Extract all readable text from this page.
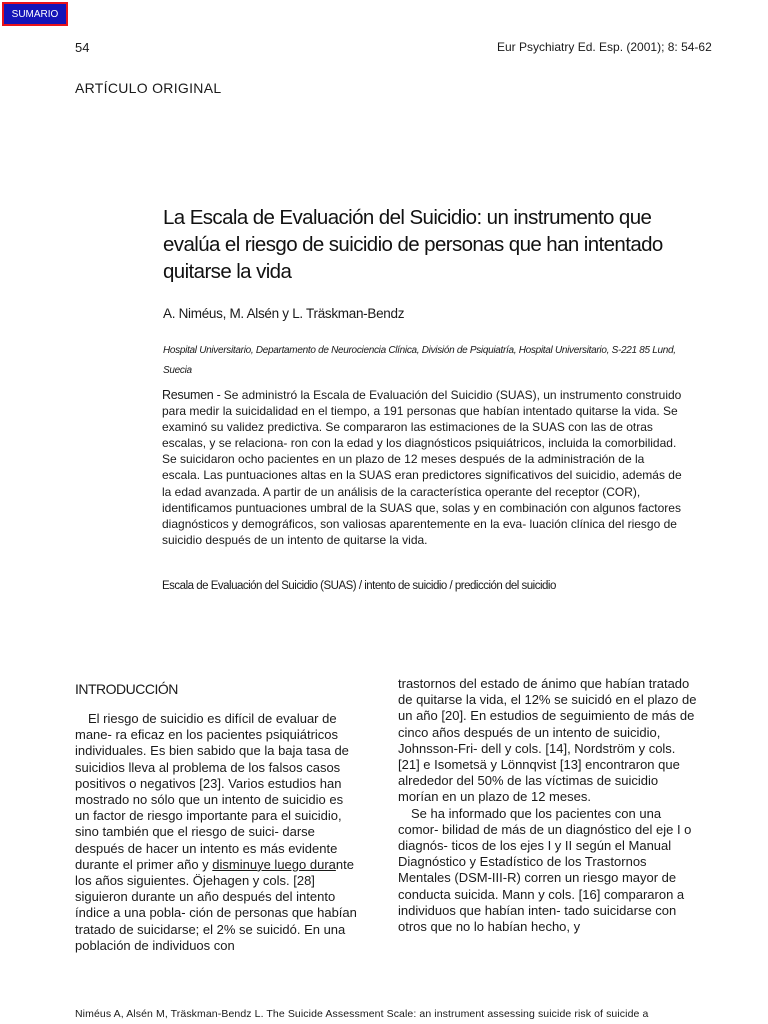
SUMARIO
54	Eur Psychiatry Ed. Esp. (2001); 8: 54-62
ARTÍCULO ORIGINAL
La Escala de Evaluación del Suicidio: un instrumento que evalúa el riesgo de suicidio de personas que han intentado quitarse la vida
A. Niméus, M. Alsén y L. Träskman-Bendz
Hospital Universitario, Departamento de Neurociencia Clínica, División de Psiquiatría, Hospital Universitario, S-221 85 Lund, Suecia
Resumen - Se administró la Escala de Evaluación del Suicidio (SUAS), un instrumento construido para medir la suicidalidad en el tiempo, a 191 personas que habían intentado quitarse la vida. Se examinó su validez predictiva. Se compararon las estimaciones de la SUAS con las de otras escalas, y se relaciona- ron con la edad y los diagnósticos psiquiátricos, incluida la comorbilidad. Se suicidaron ocho pacientes en un plazo de 12 meses después de la administración de la escala. Las puntuaciones altas en la SUAS eran predictores significativos del suicidio, además de la edad avanzada. A partir de un análisis de la característica operante del receptor (COR), identificamos puntuaciones umbral de la SUAS que, solas y en combinación con algunos factores diagnósticos y demográficos, son valiosas aparentemente en la eva- luación clínica del riesgo de suicidio después de un intento de quitarse la vida.
Escala de Evaluación del Suicidio (SUAS) / intento de suicidio / predicción del suicidio
INTRODUCCIÓN

El riesgo de suicidio es difícil de evaluar de mane- ra eficaz en los pacientes psiquiátricos individuales. Es bien sabido que la baja tasa de suicidios lleva al problema de los falsos casos positivos o negativos [23]. Varios estudios han mostrado no sólo que un intento de suicidio es un factor de riesgo importante para el suicidio, sino también que el riesgo de suici- darse después de hacer un intento es más evidente durante el primer año y disminuye luego durante los años siguientes. Öjehagen y cols. [28] siguieron durante un año después del intento índice a una pobla- ción de personas que habían tratado de suicidarse; el 2% se suicidó. En una población de individuos con

trastornos del estado de ánimo que habían tratado de quitarse la vida, el 12% se suicidó en el plazo de un año [20]. En estudios de seguimiento de más de cinco años después de un intento de suicidio, Johnsson-Fri- dell y cols. [14], Nordström y cols. [21] e Isometsä y Lönnqvist [13] encontraron que alrededor del 50% de las víctimas de suicidio morían en un plazo de 12 meses.

Se ha informado que los pacientes con una comor- bilidad de más de un diagnóstico del eje I o diagnós- ticos de los ejes I y II según el Manual Diagnóstico y Estadístico de los Trastornos Mentales (DSM-III-R) corren un riesgo mayor de conducta suicida. Mann y cols. [16] compararon a individuos que habían inten- tado suicidarse con otros que no lo habían hecho, y

Niméus A, Alsén M, Träskman-Bendz L. The Suicide Assessment Scale: an instrument assessing suicide risk of suicide a
